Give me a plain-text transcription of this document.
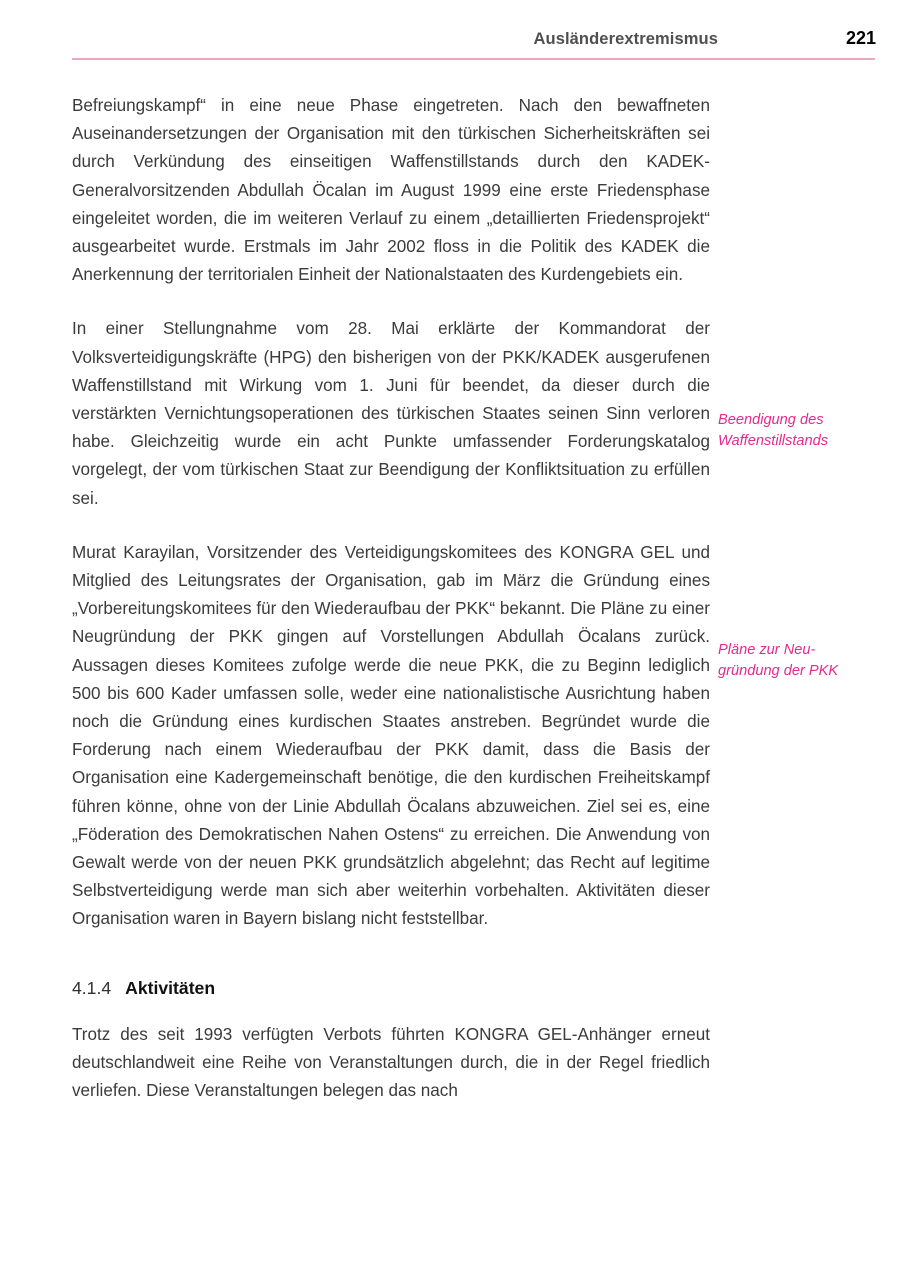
Ausländerextremismus	221

Befreiungskampf“ in eine neue Phase eingetreten. Nach den bewaffneten Auseinandersetzungen der Organisation mit den türkischen Sicherheitskräften sei durch Verkündung des einseitigen Waffenstillstands durch den KADEK-Generalvorsitzenden Abdullah Öcalan im August 1999 eine erste Friedensphase eingeleitet worden, die im weiteren Verlauf zu einem „detaillierten Friedensprojekt“ ausgearbeitet wurde. Erstmals im Jahr 2002 floss in die Politik des KADEK die Anerkennung der territorialen Einheit der Nationalstaaten des Kurdengebiets ein.

In einer Stellungnahme vom 28. Mai erklärte der Kommandorat der Volksverteidigungskräfte (HPG) den bisherigen von der PKK/KADEK ausgerufenen Waffenstillstand mit Wirkung vom 1. Juni für beendet, da dieser durch die verstärkten Vernichtungsoperationen des türkischen Staates seinen Sinn verloren habe. Gleichzeitig wurde ein acht Punkte umfassender Forderungskatalog vorgelegt, der vom türkischen Staat zur Beendigung der Konfliktsituation zu erfüllen sei.

Murat Karayilan, Vorsitzender des Verteidigungskomitees des KONGRA GEL und Mitglied des Leitungsrates der Organisation, gab im März die Gründung eines „Vorbereitungskomitees für den Wiederaufbau der PKK“ bekannt. Die Pläne zu einer Neugründung der PKK gingen auf Vorstellungen Abdullah Öcalans zurück. Aussagen dieses Komitees zufolge werde die neue PKK, die zu Beginn lediglich 500 bis 600 Kader umfassen solle, weder eine nationalistische Ausrichtung haben noch die Gründung eines kurdischen Staates anstreben. Begründet wurde die Forderung nach einem Wiederaufbau der PKK damit, dass die Basis der Organisation eine Kadergemeinschaft benötige, die den kurdischen Freiheitskampf führen könne, ohne von der Linie Abdullah Öcalans abzuweichen. Ziel sei es, eine „Föderation des Demokratischen Nahen Ostens“ zu erreichen. Die Anwendung von Gewalt werde von der neuen PKK grundsätzlich abgelehnt; das Recht auf legitime Selbstverteidigung werde man sich aber weiterhin vorbehalten. Aktivitäten dieser Organisation waren in Bayern bislang nicht feststellbar.

4.1.4 Aktivitäten

Trotz des seit 1993 verfügten Verbots führten KONGRA GEL-Anhänger erneut deutschlandweit eine Reihe von Veranstaltungen durch, die in der Regel friedlich verliefen. Diese Veranstaltungen belegen das nach

Beendigung des
Waffenstillstands
Pläne zur Neu-
gründung der PKK
